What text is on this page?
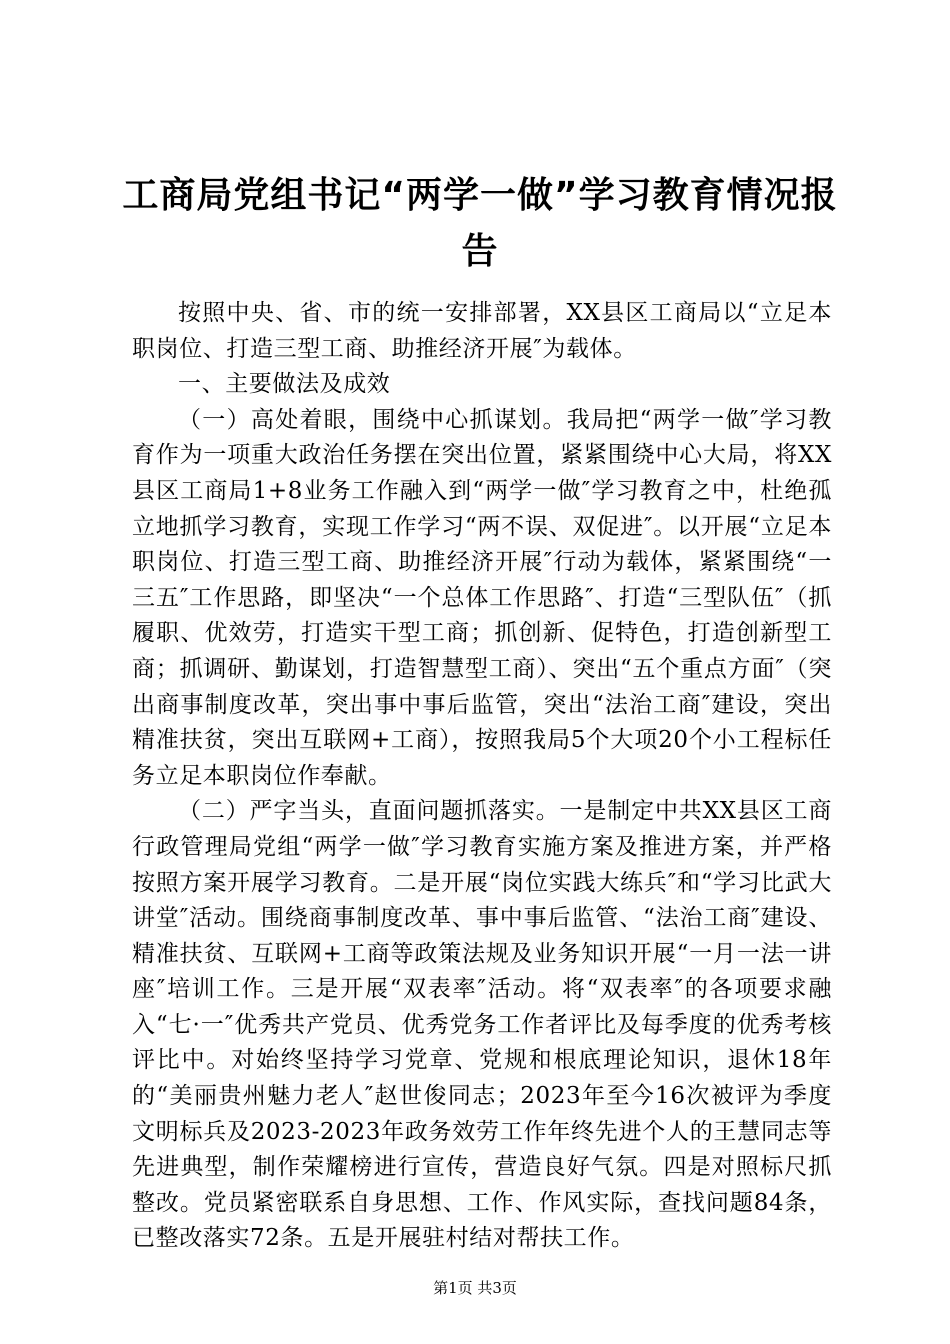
工商局党组书记“两学一做”学习教育情况报告

按照中央、省、市的统一安排部署，XX县区工商局以“立足本职岗位、打造三型工商、助推经济开展″为载体。

一、主要做法及成效

（一）高处着眼，围绕中心抓谋划。我局把“两学一做″学习教育作为一项重大政治任务摆在突出位置，紧紧围绕中心大局，将XX县区工商局1+8业务工作融入到“两学一做″学习教育之中，杜绝孤立地抓学习教育，实现工作学习“两不误、双促进″。以开展“立足本职岗位、打造三型工商、助推经济开展″行动为载体，紧紧围绕“一三五″工作思路，即坚决“一个总体工作思路″、打造“三型队伍″（抓履职、优效劳，打造实干型工商；抓创新、促特色，打造创新型工商；抓调研、勤谋划，打造智慧型工商）、突出“五个重点方面″（突出商事制度改革，突出事中事后监管，突出“法治工商″建设，突出精准扶贫，突出互联网+工商），按照我局5个大项20个小工程标任务立足本职岗位作奉献。

（二）严字当头，直面问题抓落实。一是制定中共XX县区工商行政管理局党组“两学一做″学习教育实施方案及推进方案，并严格按照方案开展学习教育。二是开展“岗位实践大练兵″和“学习比武大讲堂″活动。围绕商事制度改革、事中事后监管、“法治工商″建设、精准扶贫、互联网+工商等政策法规及业务知识开展“一月一法一讲座″培训工作。三是开展“双表率″活动。将“双表率″的各项要求融入“七·一″优秀共产党员、优秀党务工作者评比及每季度的优秀考核评比中。对始终坚持学习党章、党规和根底理论知识，退休18年的“美丽贵州魅力老人″赵世俊同志；2023年至今16次被评为季度文明标兵及2023-2023年政务效劳工作年终先进个人的王慧同志等先进典型，制作荣耀榜进行宣传，营造良好气氛。四是对照标尺抓整改。党员紧密联系自身思想、工作、作风实际，查找问题84条，已整改落实72条。五是开展驻村结对帮扶工作。

第1页 共3页
